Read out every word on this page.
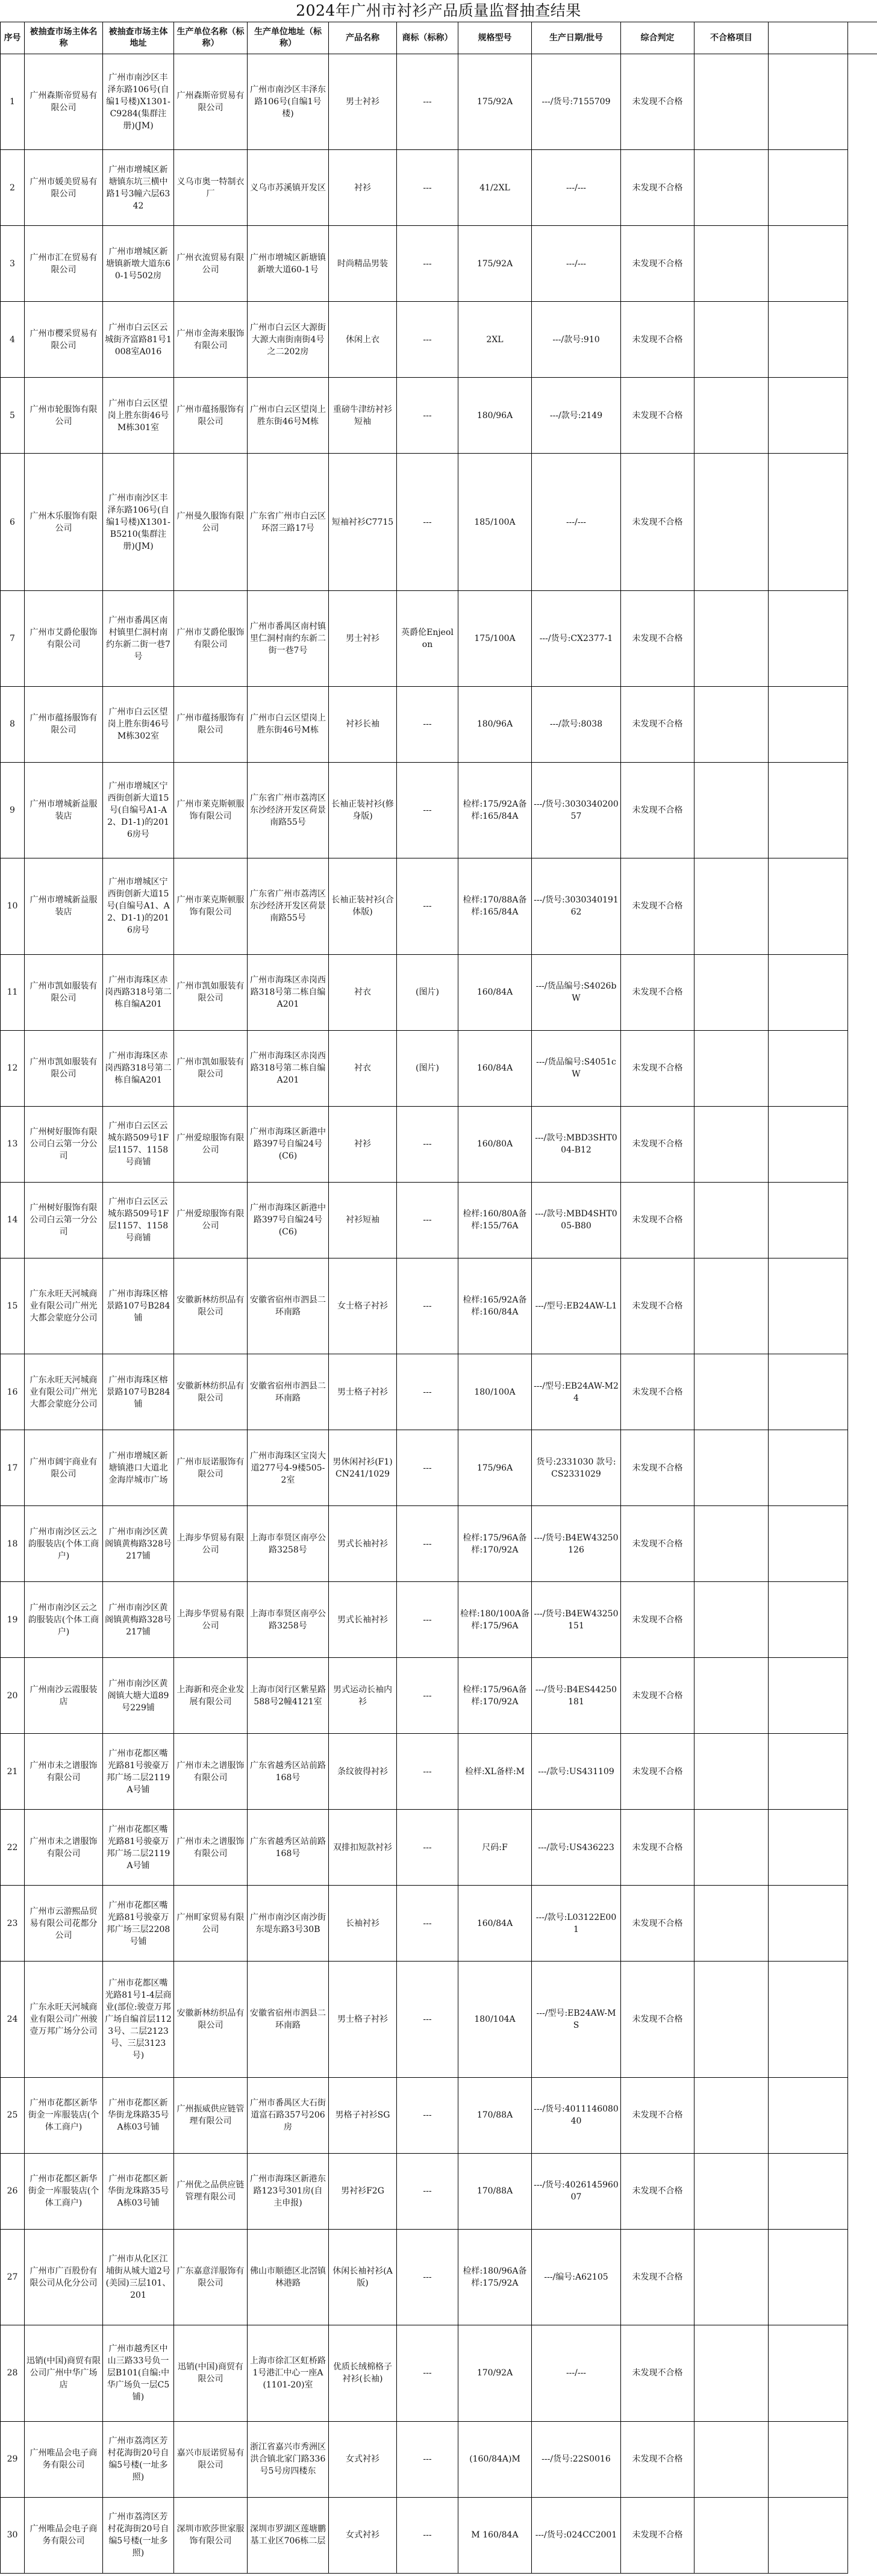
2024年广州市衬衫产品质量监督抽查结果
序号	被抽查市场主体名称	被抽查市场主体地址	生产单位名称（标称）	生产单位地址（标称）	产品名称	商标（标称）	规格型号	生产日期/批号	综合判定	不合格项目		
1	广州森斯帝贸易有限公司	广州市南沙区丰泽东路106号(自编1号楼)X1301-C9284(集群注册)(JM)	广州森斯帝贸易有限公司	广州市南沙区丰泽东路106号(自编1号楼)	男士衬衫	---	175/92A	---/货号:7155709	未发现不合格			
2	广州市媛美贸易有限公司	广州市增城区新塘镇东坑三横中路1号3幢六层6342	义乌市奥一特制衣厂	义乌市苏溪镇开发区	衬衫	---	41/2XL	---/---	未发现不合格			
3	广州市汇在贸易有限公司	广州市增城区新塘镇新墩大道东60-1号502房	广州衣流贸易有限公司	广州市增城区新塘镇新墩大道60-1号	时尚精品男装	---	175/92A	---/---	未发现不合格			
4	广州市樱采贸易有限公司	广州市白云区云城街齐富路81号1008室A016	广州市金海来服饰有限公司	广州市白云区大源街大源大南街南街4号之二202房	休闲上衣	---	2XL	---/款号:910	未发现不合格			
5	广州市轮服饰有限公司	广州市白云区望岗上胜东街46号M栋301室	广州市蕴扬服饰有限公司	广州市白云区望岗上胜东街46号M栋	重磅牛津纺衬衫短袖	---	180/96A	---/款号:2149	未发现不合格			
6	广州木乐服饰有限公司	广州市南沙区丰泽东路106号(自编1号楼)X1301-B5210(集群注册)(JM)	广州曼久服饰有限公司	广东省广州市白云区环滘三路17号	短袖衬衫C7715	---	185/100A	---/---	未发现不合格			
7	广州市艾爵伦服饰有限公司	广州市番禺区南村镇里仁洞村南约东新二街一巷7号	广州市艾爵伦服饰有限公司	广州市番禺区南村镇里仁洞村南约东新二街一巷7号	男士衬衫	英爵伦Enjeolon	175/100A	---/货号:CX2377-1	未发现不合格			
8	广州市蕴扬服饰有限公司	广州市白云区望岗上胜东街46号M栋302室	广州市蕴扬服饰有限公司	广州市白云区望岗上胜东街46号M栋	衬衫长袖	---	180/96A	---/款号:8038	未发现不合格			
9	广州市增城新益服装店	广州市增城区宁西街创新大道15号(自编号A1-A2、D1-1)的2016房号	广州市莱克斯顿服饰有限公司	广东省广州市荔湾区东沙经济开发区荷景南路55号	长袖正装衬衫(修身版)	---	检样:175/92A备样:165/84A	---/货号:3030340200 57	未发现不合格			
10	广州市增城新益服装店	广州市增城区宁西街创新大道15号(自编号A1、A2、D1-1)的2016房号	广州市莱克斯顿服饰有限公司	广东省广州市荔湾区东沙经济开发区荷景南路55号	长袖正装衬衫(合体版)	---	检样:170/88A备样:165/84A	---/货号:3030340191 62	未发现不合格			
11	广州市凯如服装有限公司	广州市海珠区赤岗西路318号第二栋自编A201	广州市凯如服装有限公司	广州市海珠区赤岗西路318号第二栋自编A201	衬衣	(图片)	160/84A	---/货品编号:S4026bW	未发现不合格			
12	广州市凯如服装有限公司	广州市海珠区赤岗西路318号第二栋自编A201	广州市凯如服装有限公司	广州市海珠区赤岗西路318号第二栋自编A201	衬衣	(图片)	160/84A	---/货品编号:S4051cW	未发现不合格			
13	广州树好服饰有限公司白云第一分公司	广州市白云区云城东路509号1F层1157、1158号商铺	广州爱琼服饰有限公司	广州市海珠区新港中路397号自编24号(C6)	衬衫	---	160/80A	---/款号:MBD3SHT004-B12	未发现不合格			
14	广州树好服饰有限公司白云第一分公司	广州市白云区云城东路509号1F层1157、1158号商铺	广州爱琼服饰有限公司	广州市海珠区新港中路397号自编24号(C6)	衬衫短袖	---	检样:160/80A备样:155/76A	---/款号:MBD4SHT005-B80	未发现不合格			
15	广东永旺天河城商业有限公司广州光大都会蒙庭分公司	广州市海珠区榕景路107号B284铺	安徽新林纺织品有限公司	安徽省宿州市泗县二环南路	女士格子衬衫	---	检样:165/92A备样:160/84A	---/型号:EB24AW-L1	未发现不合格			
16	广东永旺天河城商业有限公司广州光大都会蒙庭分公司	广州市海珠区榕景路107号B284铺	安徽新林纺织品有限公司	安徽省宿州市泗县二环南路	男士格子衬衫	---	180/100A	---/型号:EB24AW-M24	未发现不合格			
17	广州市阔宇商业有限公司	广州市增城区新塘镇港口大道北金海岸城市广场	广州市辰诺服饰有限公司	广州市海珠区宝岗大道277号4-9楼505-2室	男休闲衬衫(F1)CN241/1029	---	175/96A	货号:2331030 款号:CS2331029	未发现不合格			
18	广州市南沙区云之韵服装店(个体工商户)	广州市南沙区黄阁镇黄梅路328号217铺	上海步华贸易有限公司	上海市奉贤区南亭公路3258号	男式长袖衬衫	---	检样:175/96A备样:170/92A	---/货号:B4EW43250126	未发现不合格			
19	广州市南沙区云之韵服装店(个体工商户)	广州市南沙区黄阁镇黄梅路328号217铺	上海步华贸易有限公司	上海市奉贤区南亭公路3258号	男式长袖衬衫	---	检样:180/100A备样:175/96A	---/货号:B4EW43250151	未发现不合格			
20	广州南沙云霞服装店	广州市南沙区黄阁镇大塘大道89号229铺	上海新和亮企业发展有限公司	上海市闵行区紫星路588号2幢4121室	男式运动长袖内衫	---	检样:175/96A备样:170/92A	---/货号:B4ES44250181	未发现不合格			
21	广州市未之谱服饰有限公司	广州市花都区嘴光路81号骏豪万邦广场二层2119A号铺	广州市未之谱服饰有限公司	广东省越秀区站前路168号	条纹彼得衬衫	---	检样:XL备样:M	---/款号:US431109	未发现不合格			
22	广州市未之谱服饰有限公司	广州市花都区嘴光路81号骏豪万邦广场二层2119A号铺	广州市未之谱服饰有限公司	广东省越秀区站前路168号	双排扣短款衬衫	---	尺码:F	---/款号:US436223	未发现不合格			
23	广州市云游熙品贸易有限公司花都分公司	广州市花都区嘴光路81号骏豪万邦广场三层2208号铺	广州町家贸易有限公司	广州市南沙区南沙街东堤东路3号30B	长袖衬衫	---	160/84A	---/款号:L03122E001	未发现不合格			
24	广东永旺天河城商业有限公司广州骏壹万邦广场分公司	广州市花都区嘴光路81号1-4层商业(部位:骏壹万邦广场自编首层1123号、二层2123号、三层3123号)	安徽新林纺织品有限公司	安徽省宿州市泗县二环南路	男士格子衬衫	---	180/104A	---/型号:EB24AW-MS	未发现不合格			
25	广州市花都区新华街金一库服装店(个体工商户)	广州市花都区新华街龙珠路35号A栋03号铺	广州振威供应链管理有限公司	广州市番禺区大石街道富石路357号206房	男格子衬衫SG	---	170/88A	---/货号:401114608040	未发现不合格			
26	广州市花都区新华街金一库服装店(个体工商户)	广州市花都区新华街龙珠路35号A栋03号铺	广州优之品供应链管理有限公司	广州市海珠区新港东路123号301房(自主申报)	男衬衫F2G	---	170/88A	---/货号:402614596007	未发现不合格			
27	广州市广百股份有限公司从化分公司	广州市从化区江埔街从城大道2号(美园)三层101、201	广东嘉意洋服饰有限公司	佛山市顺德区北滘镇林港路	休闲长袖衬衫(A版)	---	检样:180/96A备样:175/92A	---/编号:A62105	未发现不合格			
28	迅销(中国)商贸有限公司广州中华广场店	广州市越秀区中山三路33号负一层B101(自编:中华广场负一层C5铺)	迅销(中国)商贸有限公司	上海市徐汇区虹桥路1号港汇中心一座A(1101-20)室	优质长绒棉格子衬衫(长袖)	---	170/92A	---/---	未发现不合格			
29	广州唯品会电子商务有限公司	广州市荔湾区芳村花海街20号自编5号楼(一址多照)	嘉兴市辰诺贸易有限公司	浙江省嘉兴市秀洲区洪合镇北家门路336号5号房四楼东	女式衬衫	---	(160/84A)M	---/货号:22S0016	未发现不合格			
30	广州唯品会电子商务有限公司	广州市荔湾区芳村花海街20号自编5号楼(一址多照)	深圳市欧莎世家服饰有限公司	深圳市罗湖区莲塘鹏基工业区706栋二层	女式衬衫	---	M 160/84A	---/货号:024CC2001	未发现不合格			
